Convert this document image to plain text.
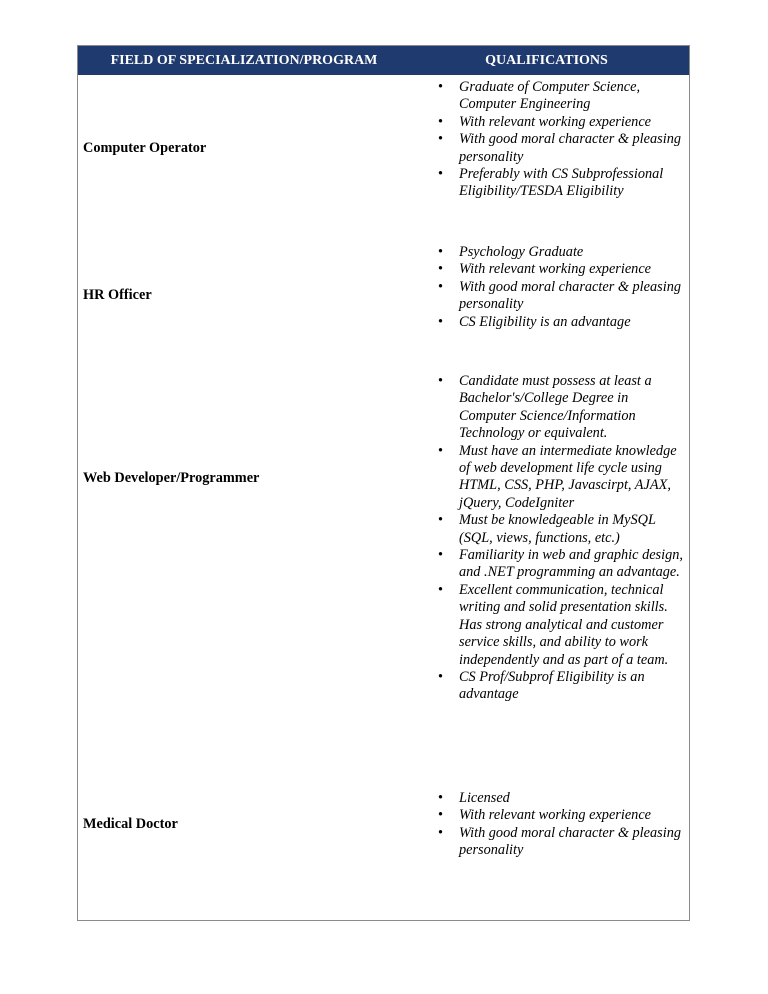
FIELD OF SPECIALIZATION/PROGRAM	QUALIFICATIONS
Computer Operator
• Graduate of Computer Science, Computer Engineering
• With relevant working experience
• With good moral character & pleasing personality
• Preferably with CS Subprofessional Eligibility/TESDA Eligibility
HR Officer
• Psychology Graduate
• With relevant working experience
• With good moral character & pleasing personality
• CS Eligibility is an advantage
Web Developer/Programmer
• Candidate must possess at least a Bachelor's/College Degree in Computer Science/Information Technology or equivalent.
• Must have an intermediate knowledge of web development life cycle using HTML, CSS, PHP, Javascirpt, AJAX, jQuery, CodeIgniter
• Must be knowledgeable in MySQL (SQL, views, functions, etc.)
• Familiarity in web and graphic design, and .NET programming an advantage.
• Excellent communication, technical writing and solid presentation skills. Has strong analytical and customer service skills, and ability to work independently and as part of a team.
• CS Prof/Subprof Eligibility is an advantage
Medical Doctor
• Licensed
• With relevant working experience
• With good moral character & pleasing personality
